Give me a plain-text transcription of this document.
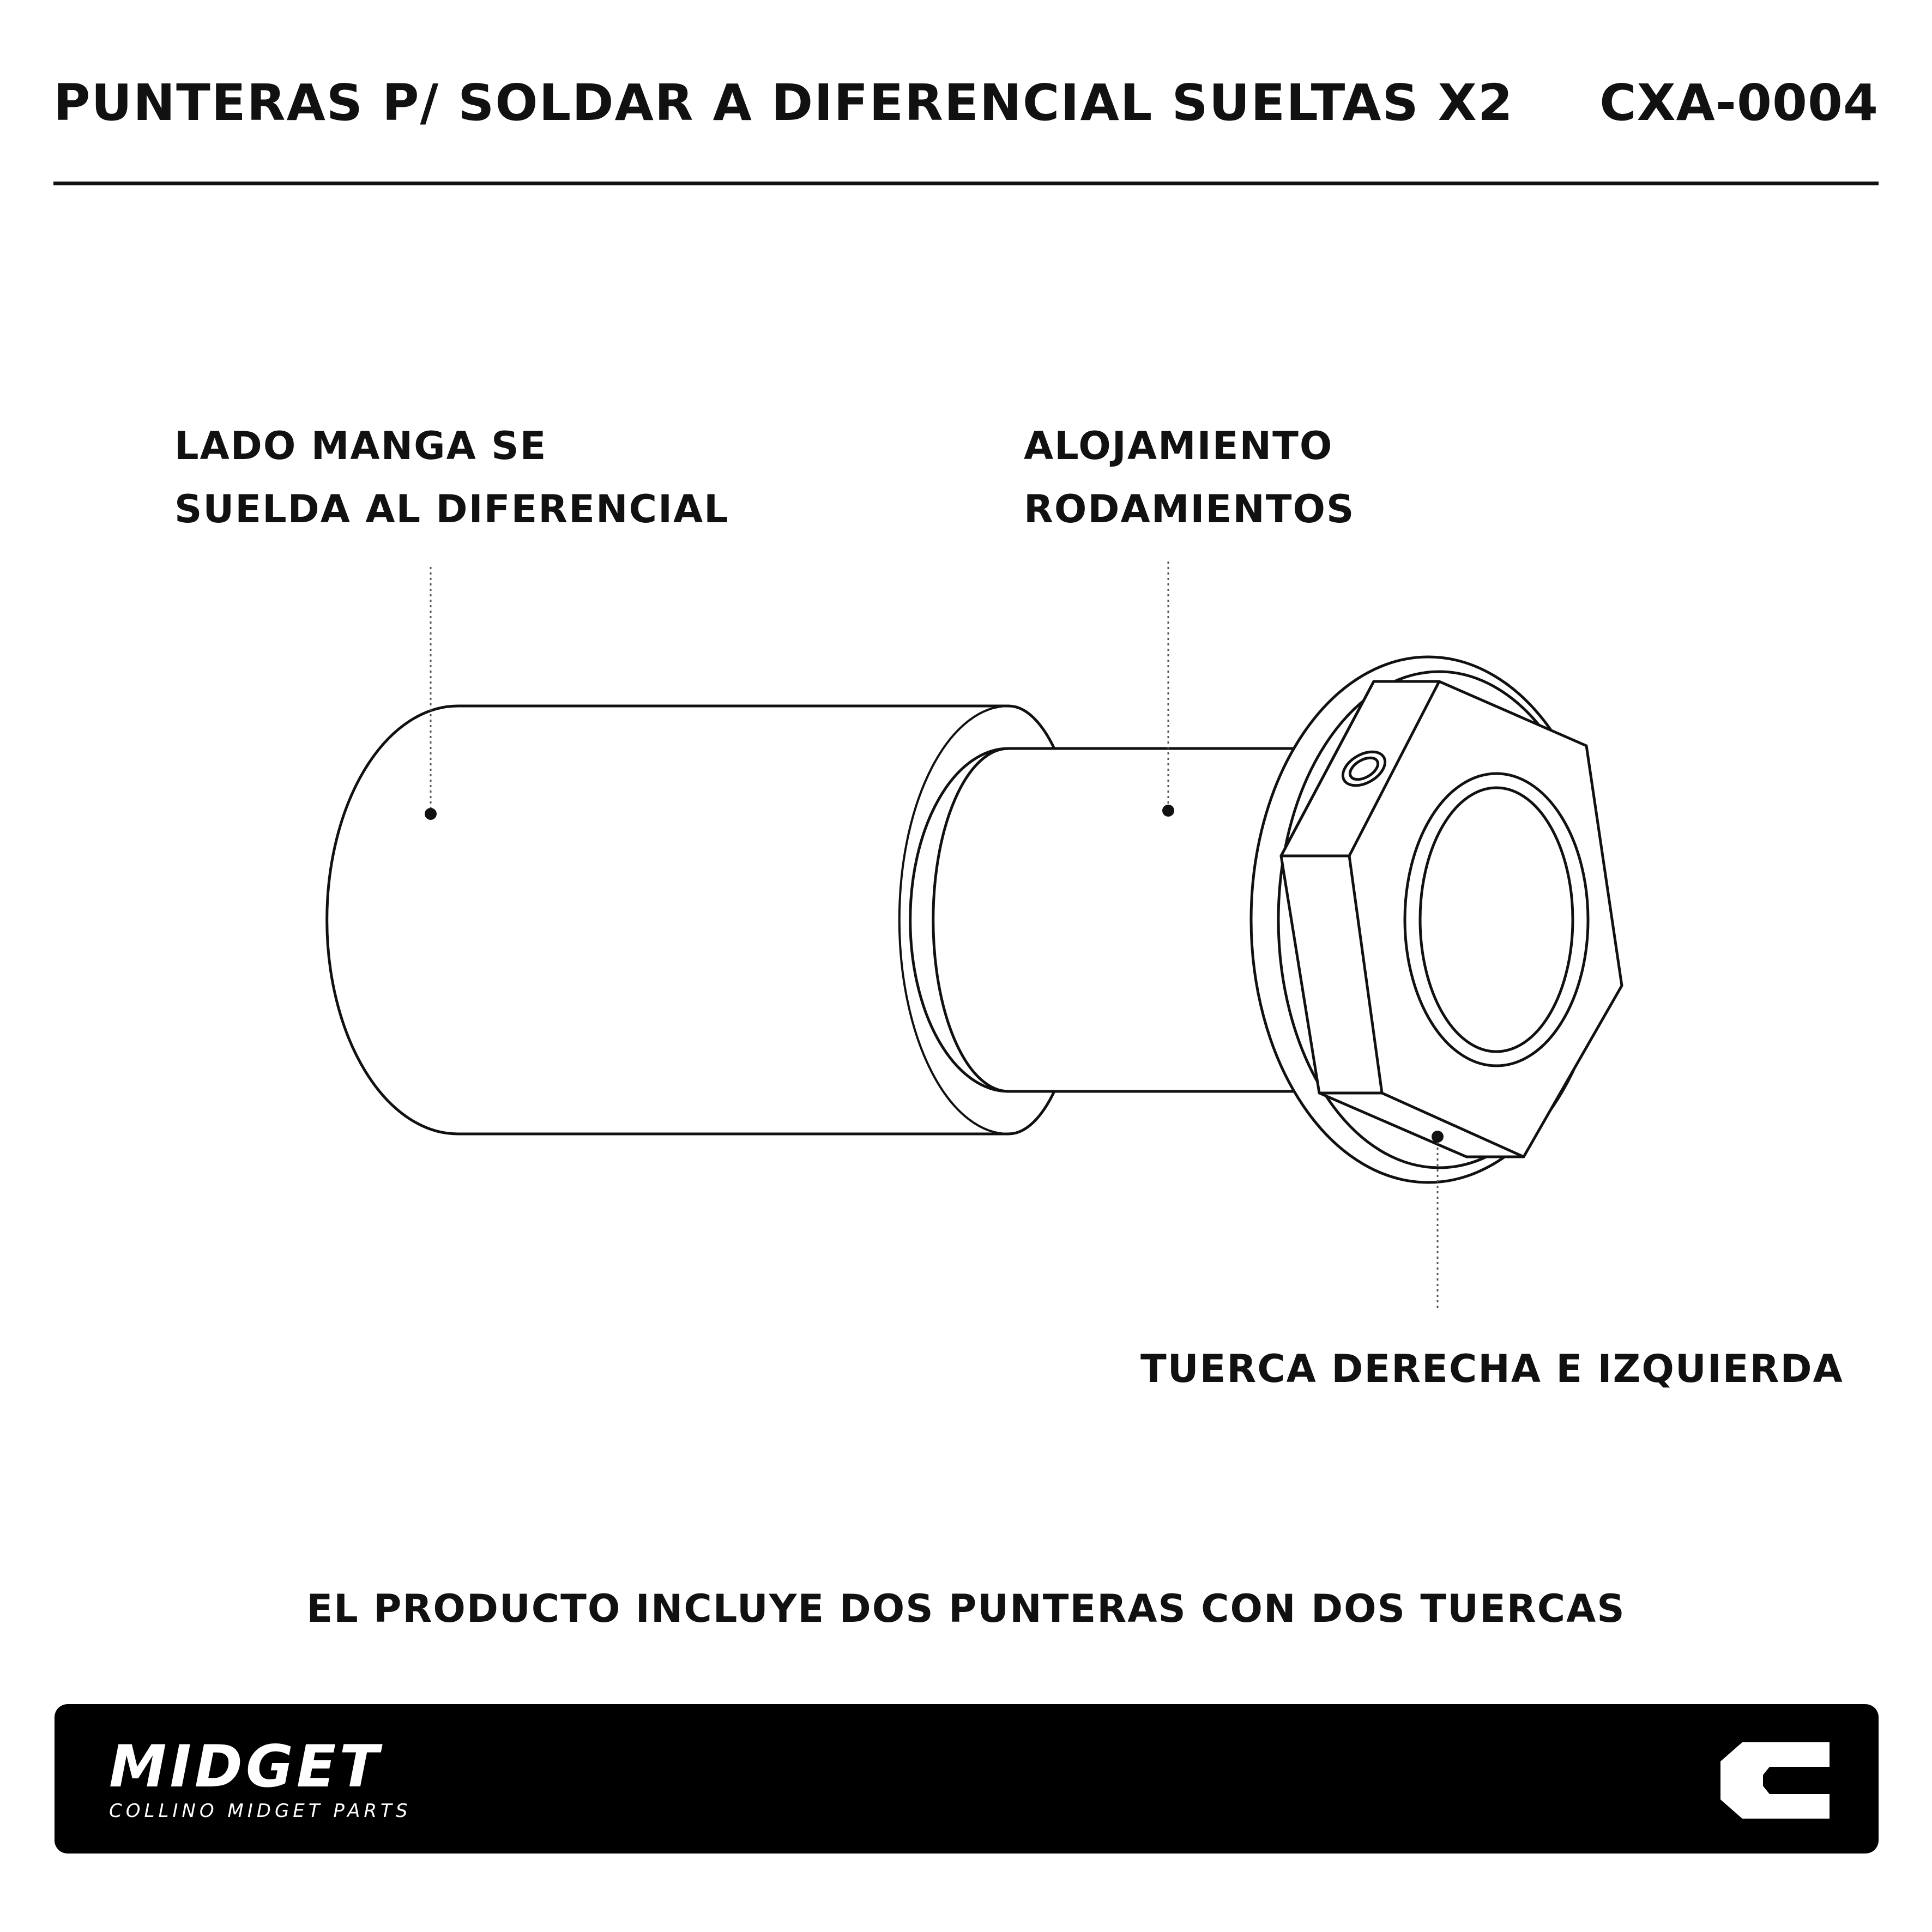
PUNTERAS P/ SOLDAR A DIFERENCIAL SUELTAS X2 CXA-0004
LADO MANGA SE
SUELDA AL DIFERENCIAL
ALOJAMIENTO
RODAMIENTOS
TUERCA DERECHA E IZQUIERDA
EL PRODUCTO INCLUYE DOS PUNTERAS CON DOS TUERCAS
MIDGET
COLLINO MIDGET PARTS
